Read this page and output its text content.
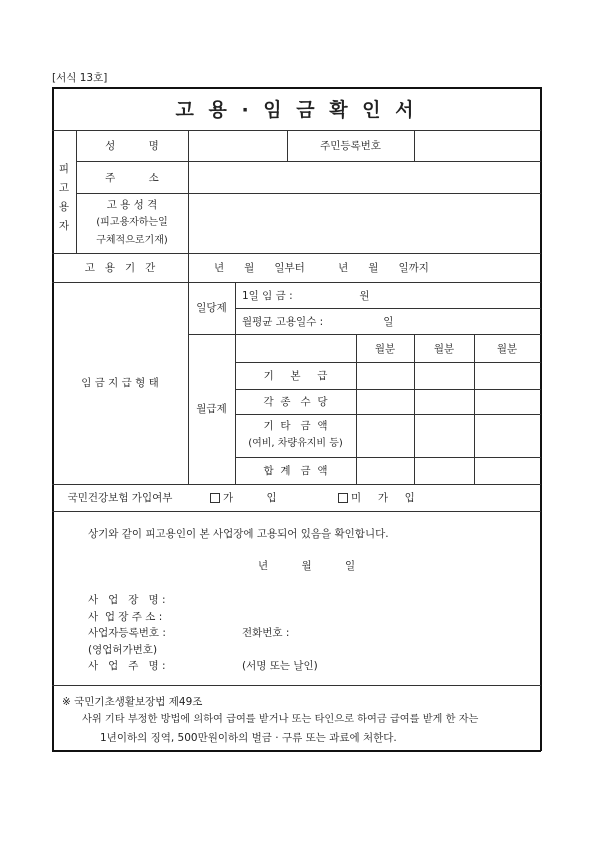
[서식 13호]
고 용 · 임 금 확 인 서
피
고
용
자
성          명	주민등록번호
주          소
고 용 성 격
(피고용자하는일
구체적으로기재)
고   용   기   간	년      월      일부터          년      월      일까지
임 금 지 급 형 태
일당제
1일 임 금 :                    원
월평균 고용일수 :                  일
월급제
월분	월분	월분
기     본     급
각  종   수  당
기  타   금  액
(여비, 차량유지비 등)
합  계   금  액
국민건강보험 가입여부	가          입	미     가     입
상기와 같이 피고용인이 본 사업장에 고용되어 있음을 확인합니다.
년          월          일
사   업   장   명 :
사  업 장 주 소 :
사업자등록번호 :	전화번호 :
(영업허가번호)
사   업   주   명 :	(서명 또는 날인)
※ 국민기초생활보장법 제49조
사위 기타 부정한 방법에 의하여 급여를 받거나 또는 타인으로 하여금 급여를 받게 한 자는
1년이하의 징역, 500만원이하의 벌금 · 구류 또는 과료에 처한다.
